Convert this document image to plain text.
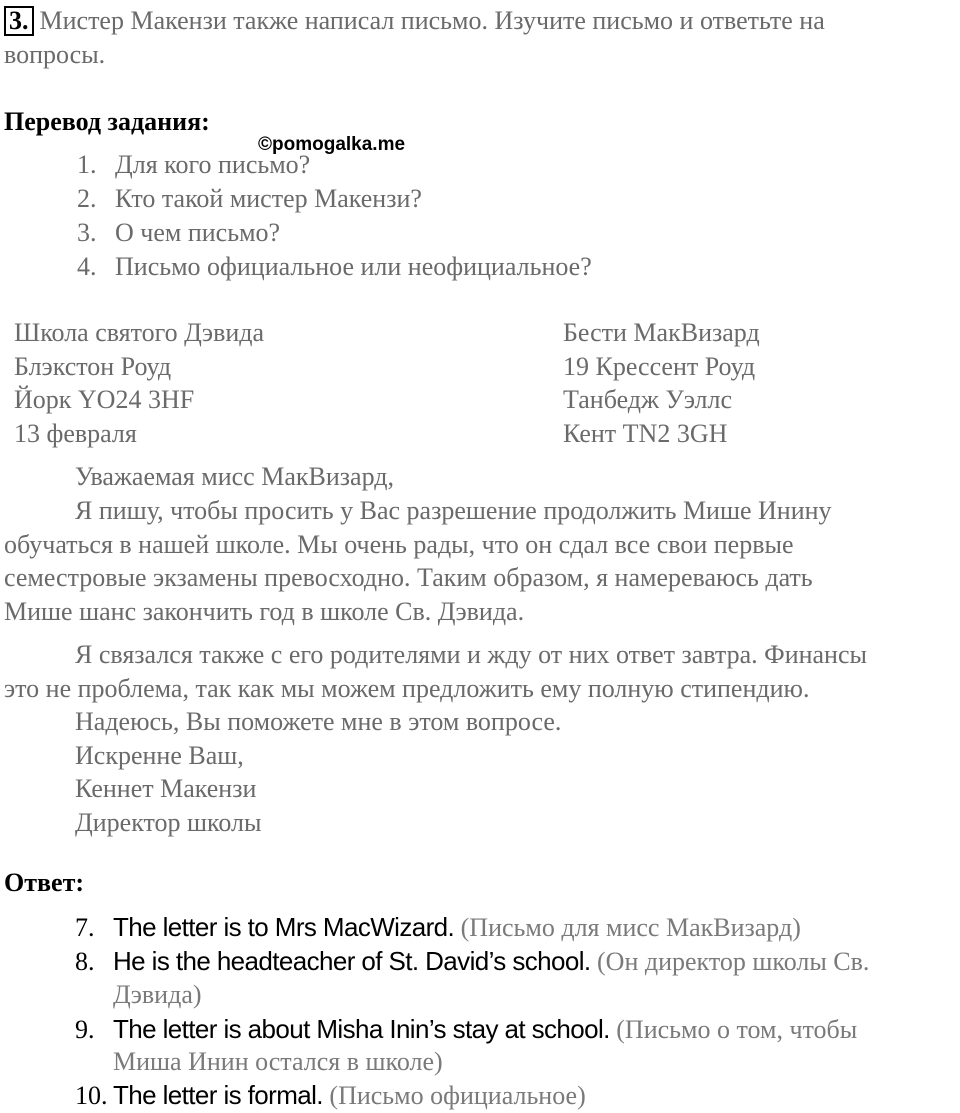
3. Мистер Макензи также написал письмо. Изучите письмо и ответьте на
вопросы.
Перевод задания:
©pomogalka.me
1. Для кого письмо?
2. Кто такой мистер Макензи?
3. О чем письмо?
4. Письмо официальное или неофициальное?
Школа святого Дэвида
Блэкстон Роуд
Йорк YO24 3HF
13 февраля
Бести МакВизард
19 Крессент Роуд
Танбедж Уэллс
Кент TN2 3GH
Уважаемая мисс МакВизард,
Я пишу, чтобы просить у Вас разрешение продолжить Мише Инину
обучаться в нашей школе. Мы очень рады, что он сдал все свои первые
семестровые экзамены превосходно. Таким образом, я намереваюсь дать
Мише шанс закончить год в школе Св. Дэвида.
Я связался также с его родителями и жду от них ответ завтра. Финансы
это не проблема, так как мы можем предложить ему полную стипендию.
Надеюсь, Вы поможете мне в этом вопросе.
Искренне Ваш,
Кеннет Макензи
Директор школы
Ответ:
7. The letter is to Mrs MacWizard. (Письмо для мисс МакВизард)
8. He is the headteacher of St. David’s school. (Он директор школы Св.
Дэвида)
9. The letter is about Misha Inin’s stay at school. (Письмо о том, чтобы
Миша Инин остался в школе)
10. The letter is formal. (Письмо официальное)
